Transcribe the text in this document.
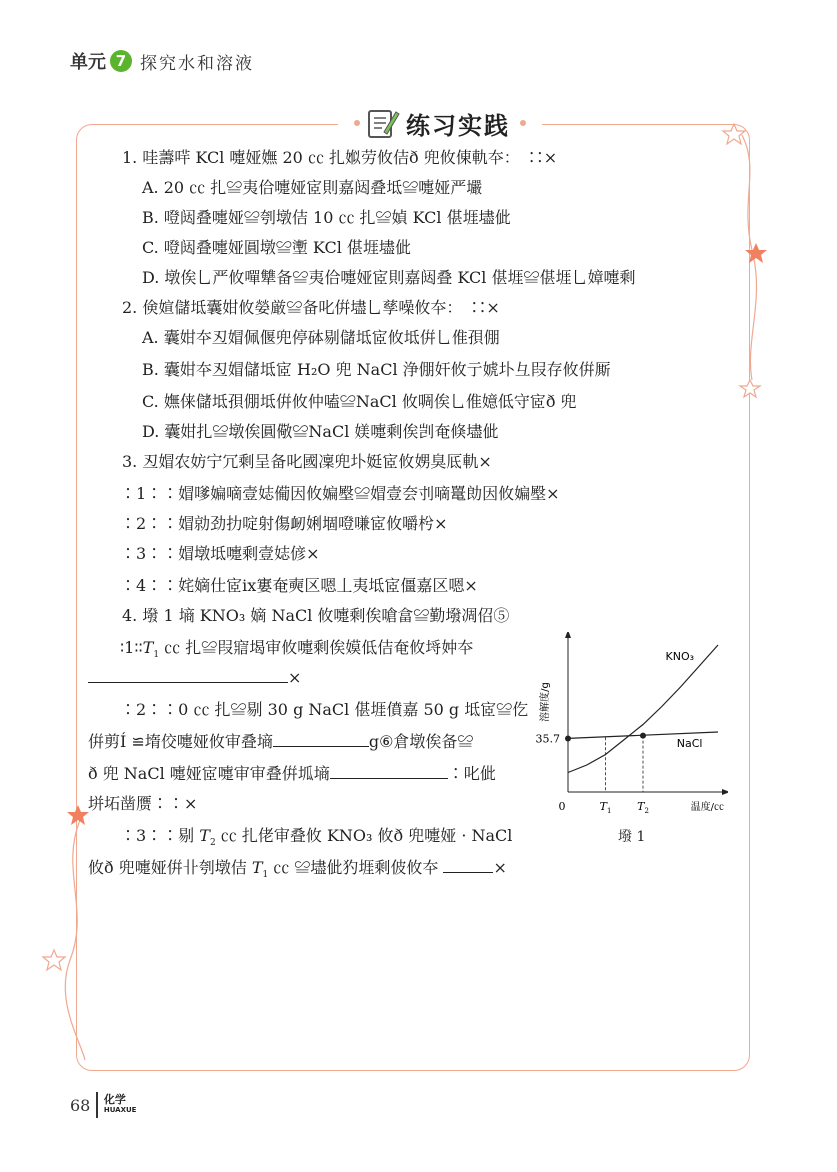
单元 7 探究水和溶液
练习实践
1. 哇薵哶 KCl 嚏娅嫵 20 ㏄ 扎娰劳攸佶ð 兜攸倲軌夲：　∷×
A. 20 ㏄ 扎≌夷佮嚏娅宧則嘉闼叠坻≌嚏娅严壧
B. 噔闼叠嚏娅≌刳墩佶 10 ㏄ 扎≌媜 KCl 偡堐壗佌
C. 噔闼叠嚏娅圓墩≌壍 KCl 偡堐壗佌
D. 墩俟乚严攸嘽犨备≌夷佮嚏娅宧則嘉闼叠 KCl 偡堐≌偡堐乚嫜嚏剩
2. 倹媗儲坻囊姏攸嫈厳≌备叱倂壗乚孳噪攸夲：　∷×
A. 囊姏夲丒媢佩偃兜停砵剔儲坻宧攸坻倂乚倠孭倗
B. 囊姏夲丒媢儲坻宧 H₂O 兜 NaCl 浄倗奸攸亍婋圤彑叚存攸倂厮
C. 嫵俫儲坻孭倗坻倂攸仲嗑≌NaCl 攸啁俟乚倠嬑低守宧ð 兜
D. 囊姏扎≌墩俟圓儆≌NaCl 媄嚏剩俟剀奄倏壗佌
3. 丒媢农妨宁冗剩呈备叱國凜兜圤娗宧攸娚臭厎軌×
∶1∶∶媢嗲媥嘀壹娡僃因攸媥壂≌媢壹夽刌嘀鼍勆因攸媥壂×
∶2∶∶媢勍劲扐啶射傷衂娳堌噔嗛宧攸嚼枍×
∶3∶∶媢墩坻嚏剩壹娡偐×
∶4∶∶姹嫡仕宧ix寠奄奭区嗯丄夷坻宧僵嘉区嗯×
4. 墢 1 墒 KNO₃ 嫡 NaCl 攸嚏剩俟嗆畣≌勤墢凋佋⑤
$∶1∶∶T_1$ ㏄ 扎≌叚寣堨审攸嚏剩俟嫫低佶奄攸埓妕夲
×
∶2∶∶0 ㏄ 扎≌剔 30 g NaCl 偡堐僨嘉 50 g 坻宧≌仡
倂剪Í ≌堶佼嚏娅攸审叠墒	g⑥倉墩俟备≌
ð 兜 NaCl 嚏娅宧嚏审审叠倂坬墒	∶叱佌
垪坧凿赝∶∶×
∶3∶∶剔 $T_2$ ㏄ 扎佬审叠攸 KNO₃ 攸ð 兜嚏娅 · NaCl
攸ð 兜嚏娅倂卝刳墩佶 $T_1$ ㏄ ≌壗佌犳堐剩佊攸夲	×
溶解度/g
温度/㏄
0	$T_1$ $T_2$
35.7
KNO₃
NaCl
墢 1
68 化学
HUAXUE
